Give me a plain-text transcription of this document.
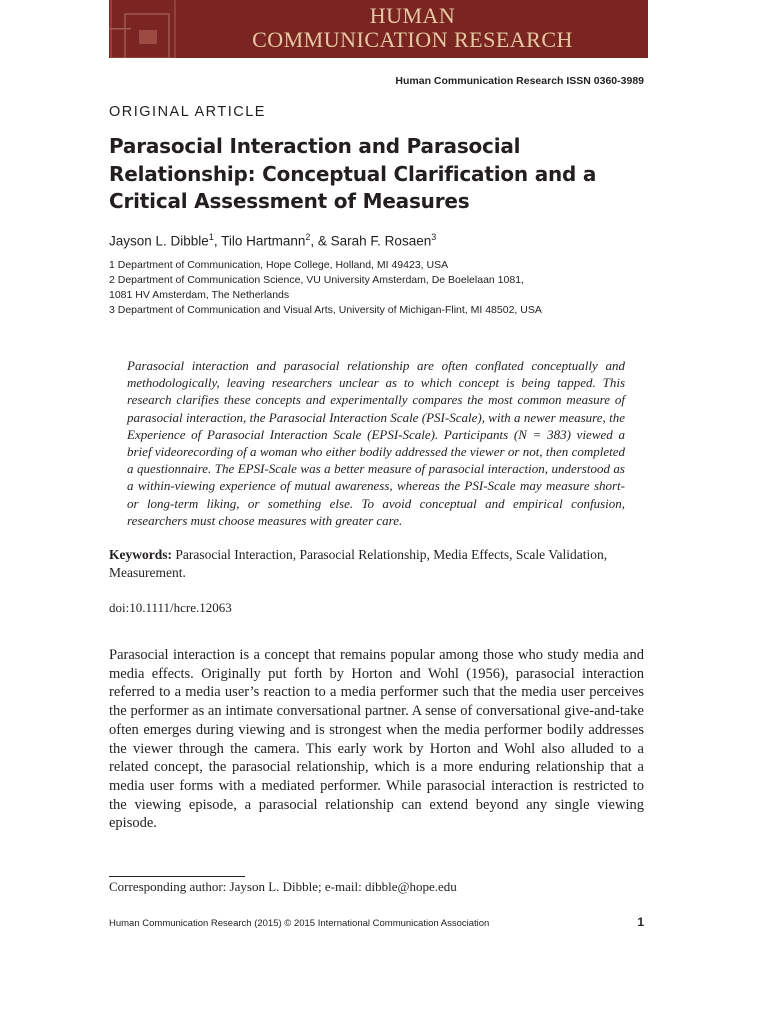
HUMAN
COMMUNICATION RESEARCH
Human Communication Research ISSN 0360-3989
ORIGINAL ARTICLE
Parasocial Interaction and Parasocial
Relationship: Conceptual Clarification and a
Critical Assessment of Measures
Jayson L. Dibble$^1$, Tilo Hartmann$^2$, & Sarah F. Rosaen$^3$
1 Department of Communication, Hope College, Holland, MI 49423, USA
2 Department of Communication Science, VU University Amsterdam, De Boelelaan 1081,
1081 HV Amsterdam, The Netherlands
3 Department of Communication and Visual Arts, University of Michigan-Flint, MI 48502, USA
Parasocial interaction and parasocial relationship are often conflated conceptually and methodologically, leaving researchers unclear as to which concept is being tapped. This research clarifies these concepts and experimentally compares the most common measure of parasocial interaction, the Parasocial Interaction Scale (PSI-Scale), with a newer measure, the Experience of Parasocial Interaction Scale (EPSI-Scale). Participants (N = 383) viewed a brief videorecording of a woman who either bodily addressed the viewer or not, then completed a questionnaire. The EPSI-Scale was a better measure of parasocial interaction, understood as a within-viewing experience of mutual awareness, whereas the PSI-Scale may measure short- or long-term liking, or something else. To avoid conceptual and empirical confusion, researchers must choose measures with greater care.
Keywords: Parasocial Interaction, Parasocial Relationship, Media Effects, Scale Validation, Measurement.
doi:10.1111/hcre.12063
Parasocial interaction is a concept that remains popular among those who study media and media effects. Originally put forth by Horton and Wohl (1956), parasocial interaction referred to a media user’s reaction to a media performer such that the media user perceives the performer as an intimate conversational partner. A sense of conversational give-and-take often emerges during viewing and is strongest when the media performer bodily addresses the viewer through the camera. This early work by Horton and Wohl also alluded to a related concept, the parasocial relationship, which is a more enduring relationship that a media user forms with a mediated performer. While parasocial interaction is restricted to the viewing episode, a parasocial relationship can extend beyond any single viewing episode.
Corresponding author: Jayson L. Dibble; e-mail: dibble@hope.edu
Human Communication Research (2015) © 2015 International Communication Association	1
